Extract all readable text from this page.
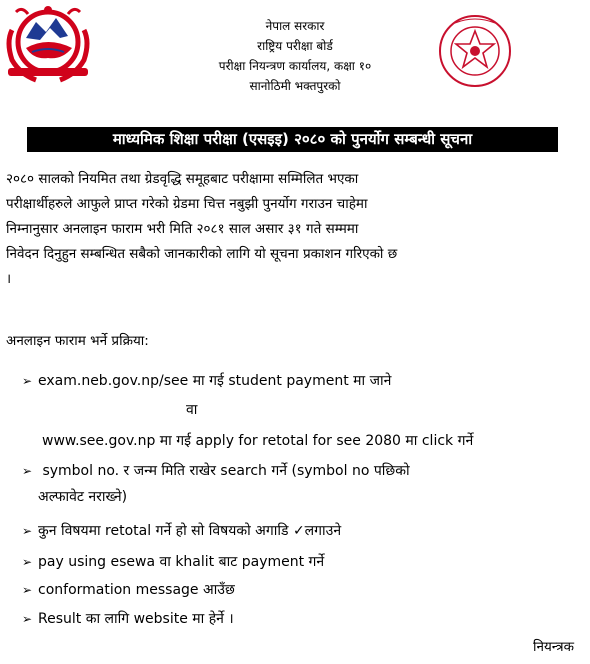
नेपाल सरकार
राष्ट्रिय परीक्षा बोर्ड
परीक्षा नियन्त्रण कार्यालय, कक्षा १०
सानोठिमी भक्तपुरको
माध्यमिक शिक्षा परीक्षा (एसइइ) २०८० को पुनर्योग सम्बन्धी सूचना
२०८० सालको नियमित तथा ग्रेडवृद्धि समूहबाट परीक्षामा सम्मिलित भएका
परीक्षार्थीहरुले आफुले प्राप्त गरेको ग्रेडमा चित्त नबुझी पुनर्योग गराउन चाहेमा
निम्नानुसार अनलाइन फाराम भरी मिति २०८१ साल असार ३१ गते सम्ममा
निवेदन दिनुहुन सम्बन्धित सबैको जानकारीको लागि यो सूचना प्रकाशन गरिएको छ
।
अनलाइन फाराम भर्ने प्रक्रिया:
➢ exam.neb.gov.np/see मा गई student payment मा जाने
वा
www.see.gov.np मा गई apply for retotal for see 2080 मा click गर्ने
➢ symbol no. र जन्म मिति राखेर search गर्ने (symbol no पछिको
अल्फावेट नराख्ने)
➢ कुन विषयमा retotal गर्ने हो सो विषयको अगाडि ✓लगाउने
➢ pay using esewa वा khalit बाट payment गर्ने
➢ conformation message आउँछ
➢ Result का लागि website मा हेर्ने ।
नियन्त्रक
